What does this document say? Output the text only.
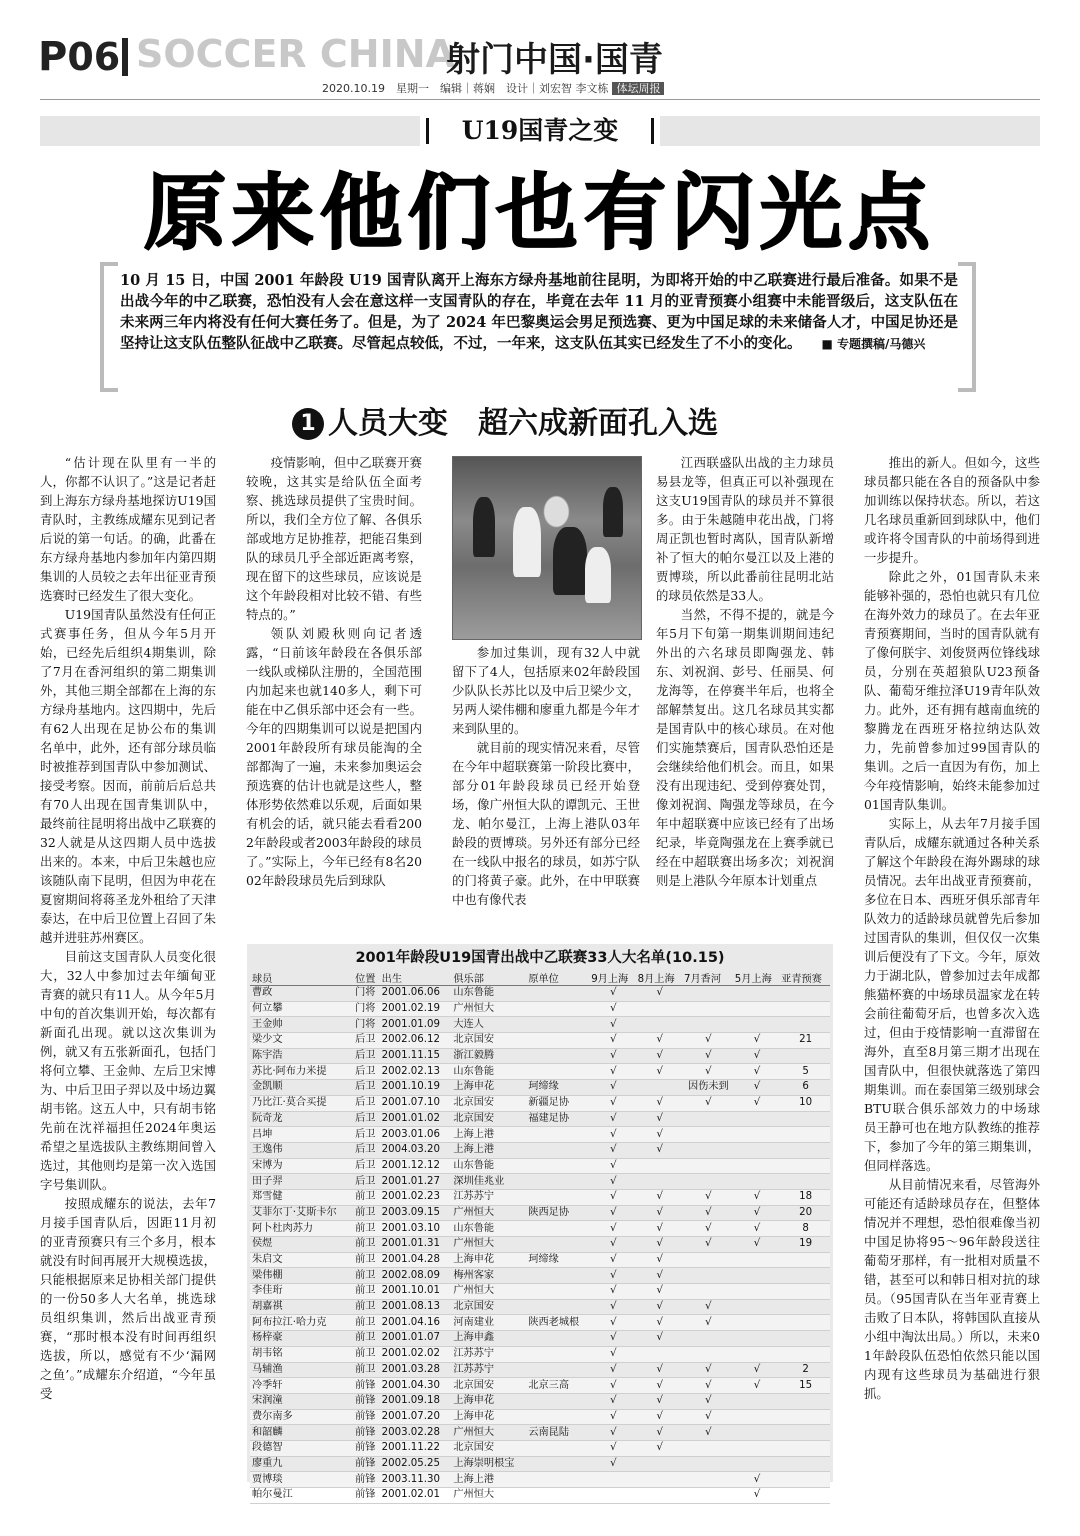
P06 SOCCER CHINA
射门中国·国青
2020.10.19　星期一　编辑｜蒋娴　设计｜刘宏智 李文栋 体坛周报
U19国青之变
原来他们也有闪光点
10 月 15 日，中国 2001 年龄段 U19 国青队离开上海东方绿舟基地前往昆明，为即将开始的中乙联赛进行最后准备。如果不是出战今年的中乙联赛，恐怕没有人会在意这样一支国青队的存在，毕竟在去年 11 月的亚青预赛小组赛中未能晋级后，这支队伍在未来两三年内将没有任何大赛任务了。但是，为了 2024 年巴黎奥运会男足预选赛、更为中国足球的未来储备人才，中国足协还是坚持让这支队伍整队征战中乙联赛。尽管起点较低，不过，一年来，这支队伍其实已经发生了不小的变化。 ■ 专题撰稿/马德兴
1 人员大变　超六成新面孔入选

“估计现在队里有一半的人，你都不认识了。”这是记者赶到上海东方绿舟基地探访U19国青队时，主教练成耀东见到记者后说的第一句话。的确，此番在东方绿舟基地内参加年内第四期集训的人员较之去年出征亚青预选赛时已经发生了很大变化。

U19国青队虽然没有任何正式赛事任务，但从今年5月开始，已经先后组织4期集训，除了7月在香河组织的第二期集训外，其他三期全部都在上海的东方绿舟基地内。这四期中，先后有62人出现在足协公布的集训名单中，此外，还有部分球员临时被推荐到国青队中参加测试、接受考察。因而，前前后后总共有70人出现在国青集训队中，最终前往昆明将出战中乙联赛的32人就是从这四期人员中选拔出来的。本来，中后卫朱越也应该随队南下昆明，但因为申花在夏窗期间将蒋圣龙外租给了天津泰达，在中后卫位置上召回了朱越并进驻苏州赛区。

目前这支国青队人员变化很大，32人中参加过去年缅甸亚青赛的就只有11人。从今年5月中旬的首次集训开始，每次都有新面孔出现。就以这次集训为例，就又有五张新面孔，包括门将何立攀、王金帅、左后卫宋博为、中后卫田子羿以及中场边翼胡韦铭。这五人中，只有胡韦铭先前在沈祥福担任2024年奥运希望之星选拔队主教练期间曾入选过，其他则均是第一次入选国字号集训队。

按照成耀东的说法，去年7月接手国青队后，因距11月初的亚青预赛只有三个多月，根本就没有时间再展开大规模选拔，只能根据原来足协相关部门提供的一份50多人大名单，挑选球员组织集训，然后出战亚青预赛，“那时根本没有时间再组织选拔，所以，感觉有不少‘漏网之鱼’。”成耀东介绍道，“今年虽受

疫情影响，但中乙联赛开赛较晚，这其实是给队伍全面考察、挑选球员提供了宝贵时间。所以，我们全方位了解、各俱乐部或地方足协推荐，把能召集到队的球员几乎全部近距离考察，现在留下的这些球员，应该说是这个年龄段相对比较不错、有些特点的。”

领队刘殿秋则向记者透露，“日前该年龄段在各俱乐部一线队或梯队注册的，全国范围内加起来也就140多人，剩下可能在中乙俱乐部中还会有一些。今年的四期集训可以说是把国内2001年龄段所有球员能淘的全部都淘了一遍，未来参加奥运会预选赛的估计也就是这些人，整体形势依然难以乐观，后面如果有机会的话，就只能去看看2002年龄段或者2003年龄段的球员了。”实际上，今年已经有8名2002年龄段球员先后到球队

参加过集训，现有32人中就留下了4人，包括原来02年龄段国少队队长苏比以及中后卫梁少文，另两人梁伟棚和廖重九都是今年才来到队里的。

就目前的现实情况来看，尽管在今年中超联赛第一阶段比赛中，部分01年龄段球员已经开始登场，像广州恒大队的谭凯元、王世龙、帕尔曼江，上海上港队03年龄段的贾博琰。另外还有部分已经在一线队中报名的球员，如苏宁队的门将黄子豪。此外，在中甲联赛中也有像代表

江西联盛队出战的主力球员易县龙等，但真正可以补强现在这支U19国青队的球员并不算很多。由于朱越随申花出战，门将周正凯也暂时离队，国青队新增补了恒大的帕尔曼江以及上港的贾博琰，所以此番前往昆明北站的球员依然是33人。

当然，不得不提的，就是今年5月下旬第一期集训期间违纪外出的六名球员即陶强龙、韩东、刘祝润、彭号、任丽昊、何龙海等，在停赛半年后，也将全部解禁复出。这几名球员其实都是国青队中的核心球员。在对他们实施禁赛后，国青队恐怕还是会继续给他们机会。而且，如果没有出现违纪、受到停赛处罚，像刘祝润、陶强龙等球员，在今年中超联赛中应该已经有了出场纪录，毕竟陶强龙在上赛季就已经在中超联赛出场多次；刘祝润则是上港队今年原本计划重点

推出的新人。但如今，这些球员都只能在各自的预备队中参加训练以保持状态。所以，若这几名球员重新回到球队中，他们或许将令国青队的中前场得到进一步提升。

除此之外，01国青队未来能够补强的，恐怕也就只有几位在海外效力的球员了。在去年亚青预赛期间，当时的国青队就有了像何朕宇、刘俊贤两位锋线球员，分别在英超狼队U23预备队、葡萄牙维拉泽U19青年队效力。此外，还有拥有越南血统的黎腾龙在西班牙格拉纳达队效力，先前曾参加过99国青队的集训。之后一直因为有伤，加上今年疫情影响，始终未能参加过01国青队集训。

实际上，从去年7月接手国青队后，成耀东就通过各种关系了解这个年龄段在海外踢球的球员情况。去年出战亚青预赛前，多位在日本、西班牙俱乐部青年队效力的适龄球员就曾先后参加过国青队的集训，但仅仅一次集训后便没有了下文。今年，原效力于湖北队，曾参加过去年成都熊猫杯赛的中场球员温家龙在转会前往葡萄牙后，也曾多次入选过，但由于疫情影响一直滞留在海外，直至8月第三期才出现在国青队中，但很快就落选了第四期集训。而在泰国第三级别球会BTU联合俱乐部效力的中场球员王静可也在地方队教练的推荐下，参加了今年的第三期集训，但同样落选。

从目前情况来看，尽管海外可能还有适龄球员存在，但整体情况并不理想，恐怕很难像当初中国足协将95～96年龄段送往葡萄牙那样，有一批相对质量不错，甚至可以和韩日相对抗的球员。（95国青队在当年亚青赛上击败了日本队，将韩国队直接从小组中淘汰出局。）所以，未来01年龄段队伍恐怕依然只能以国内现有这些球员为基础进行狠抓。

2001年龄段U19国青出战中乙联赛33人大名单(10.15)
球员	位置	出生	俱乐部	原单位	9月上海	8月上海	7月香河	5月上海	亚青预赛
曹政	门将	2001.06.06	山东鲁能		√	√			
何立攀	门将	2001.02.19	广州恒大		√				
王金帅	门将	2001.01.09	大连人		√				
梁少文	后卫	2002.06.12	北京国安		√	√	√	√	21
陈宇浩	后卫	2001.11.15	浙江毅腾		√	√	√	√	
苏比·阿布力米提	后卫	2002.02.13	山东鲁能		√	√	√	√	5
金凯顺	后卫	2001.10.19	上海申花	珂缔缘	√		因伤未到	√	6
乃比江·莫合买提	后卫	2001.07.10	北京国安	新疆足协	√	√	√	√	10
阮奇龙	后卫	2001.01.02	北京国安	福建足协	√	√			
吕坤	后卫	2003.01.06	上海上港		√	√			
王逸伟	后卫	2004.03.20	上海上港		√	√			
宋博为	后卫	2001.12.12	山东鲁能		√				
田子羿	后卫	2001.01.27	深圳佳兆业		√				
郑雪健	前卫	2001.02.23	江苏苏宁		√	√	√	√	18
艾菲尔丁·艾斯卡尔	前卫	2003.09.15	广州恒大	陕西足协	√	√	√	√	20
阿卜杜肉苏力	前卫	2001.03.10	山东鲁能		√	√	√	√	8
侯煜	前卫	2001.01.31	广州恒大		√	√	√	√	19
朱启文	前卫	2001.04.28	上海申花	珂缔缘	√	√			
梁伟棚	前卫	2002.08.09	梅州客家		√	√			
李佳珩	前卫	2001.10.01	广州恒大		√	√			
胡嘉祺	前卫	2001.08.13	北京国安		√	√	√		
阿布拉江·哈力克	前卫	2001.04.16	河南建业	陕西老城根	√	√	√		
杨梓豪	前卫	2001.01.07	上海申鑫		√	√			
胡韦铭	前卫	2001.02.02	江苏苏宁		√				
马辅渔	前卫	2001.03.28	江苏苏宁		√	√	√	√	2
冷季轩	前锋	2001.04.30	北京国安	北京三高	√	√	√	√	15
宋润潼	前锋	2001.09.18	上海申花		√	√	√		
费尔南多	前锋	2001.07.20	上海申花		√	√	√		
和韶麟	前锋	2003.02.28	广州恒大	云南昆陆	√	√	√		
段德智	前锋	2001.11.22	北京国安		√	√			
廖重九	前锋	2002.05.25	上海崇明根宝		√				
贾博琰	前锋	2003.11.30	上海上港					√	
帕尔曼江	前锋	2001.02.01	广州恒大					√	
